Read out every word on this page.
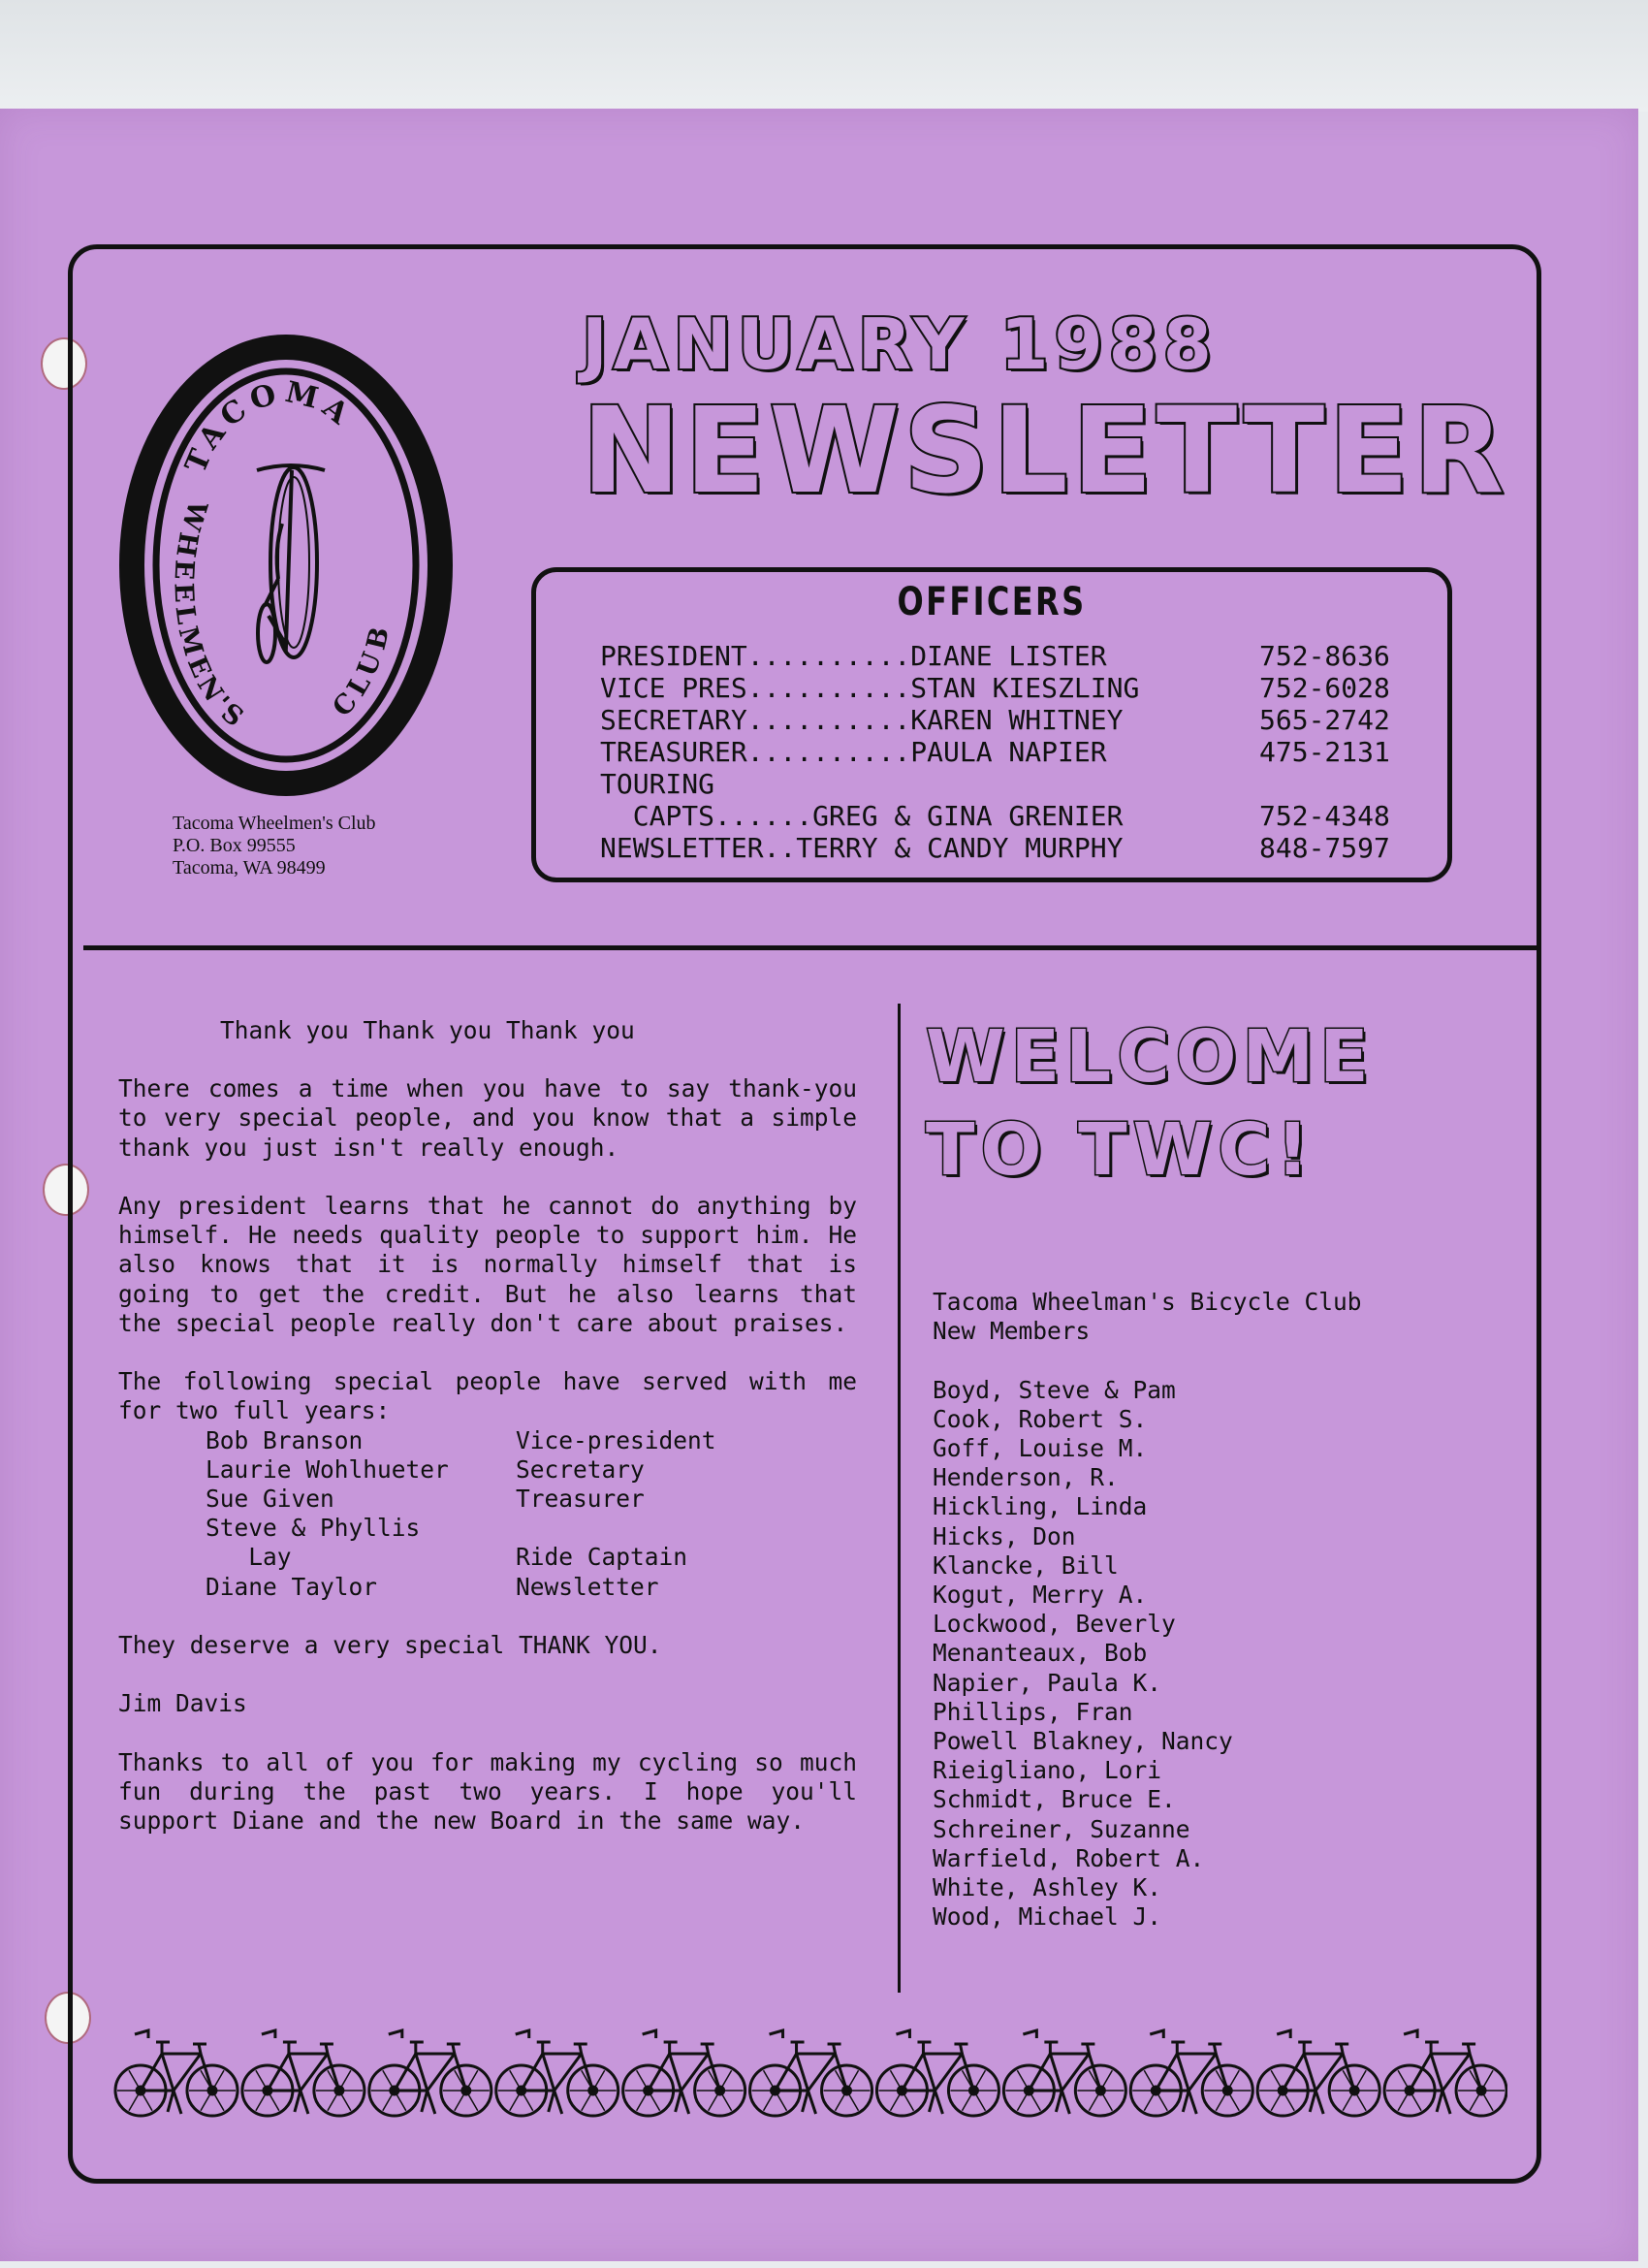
TACOMA
WHEELMEN'S	CLUB
Tacoma Wheelmen's Club
P.O. Box 99555
Tacoma, WA 98499
JANUARY 1988
NEWSLETTER
OFFICERS
PRESIDENT..........DIANE LISTER	752-8636
VICE PRES..........STAN KIESZLING	752-6028
SECRETARY..........KAREN WHITNEY	565-2742
TREASURER..........PAULA NAPIER	475-2131
TOURING
CAPTS......GREG & GINA GRENIER	752-4348
NEWSLETTER..TERRY & CANDY MURPHY	848-7597

Thank you Thank you Thank you

There comes a time when you have to say thank-you to very special people, and you know that a simple thank you just isn't really enough.

Any president learns that he cannot do anything by himself. He needs quality people to support him. He also knows that it is normally himself that is going to get the credit. But he also learns that the special people really don't care about praises.

The following special people have served with me for two full years:

Bob Branson	Vice-president
Laurie Wohlhueter	Secretary
Sue Given	Treasurer
Steve & Phyllis
Lay	Ride Captain
Diane Taylor	Newsletter

They deserve a very special THANK YOU.

Jim Davis

Thanks to all of you for making my cycling so much fun during the past two years. I hope you'll support Diane and the new Board in the same way.

WELCOME
TO TWC!
Tacoma Wheelman's Bicycle Club
New Members
Boyd, Steve & Pam
Cook, Robert S.
Goff, Louise M.
Henderson, R.
Hickling, Linda
Hicks, Don
Klancke, Bill
Kogut, Merry A.
Lockwood, Beverly
Menanteaux, Bob
Napier, Paula K.
Phillips, Fran
Powell Blakney, Nancy
Rieigliano, Lori
Schmidt, Bruce E.
Schreiner, Suzanne
Warfield, Robert A.
White, Ashley K.
Wood, Michael J.
